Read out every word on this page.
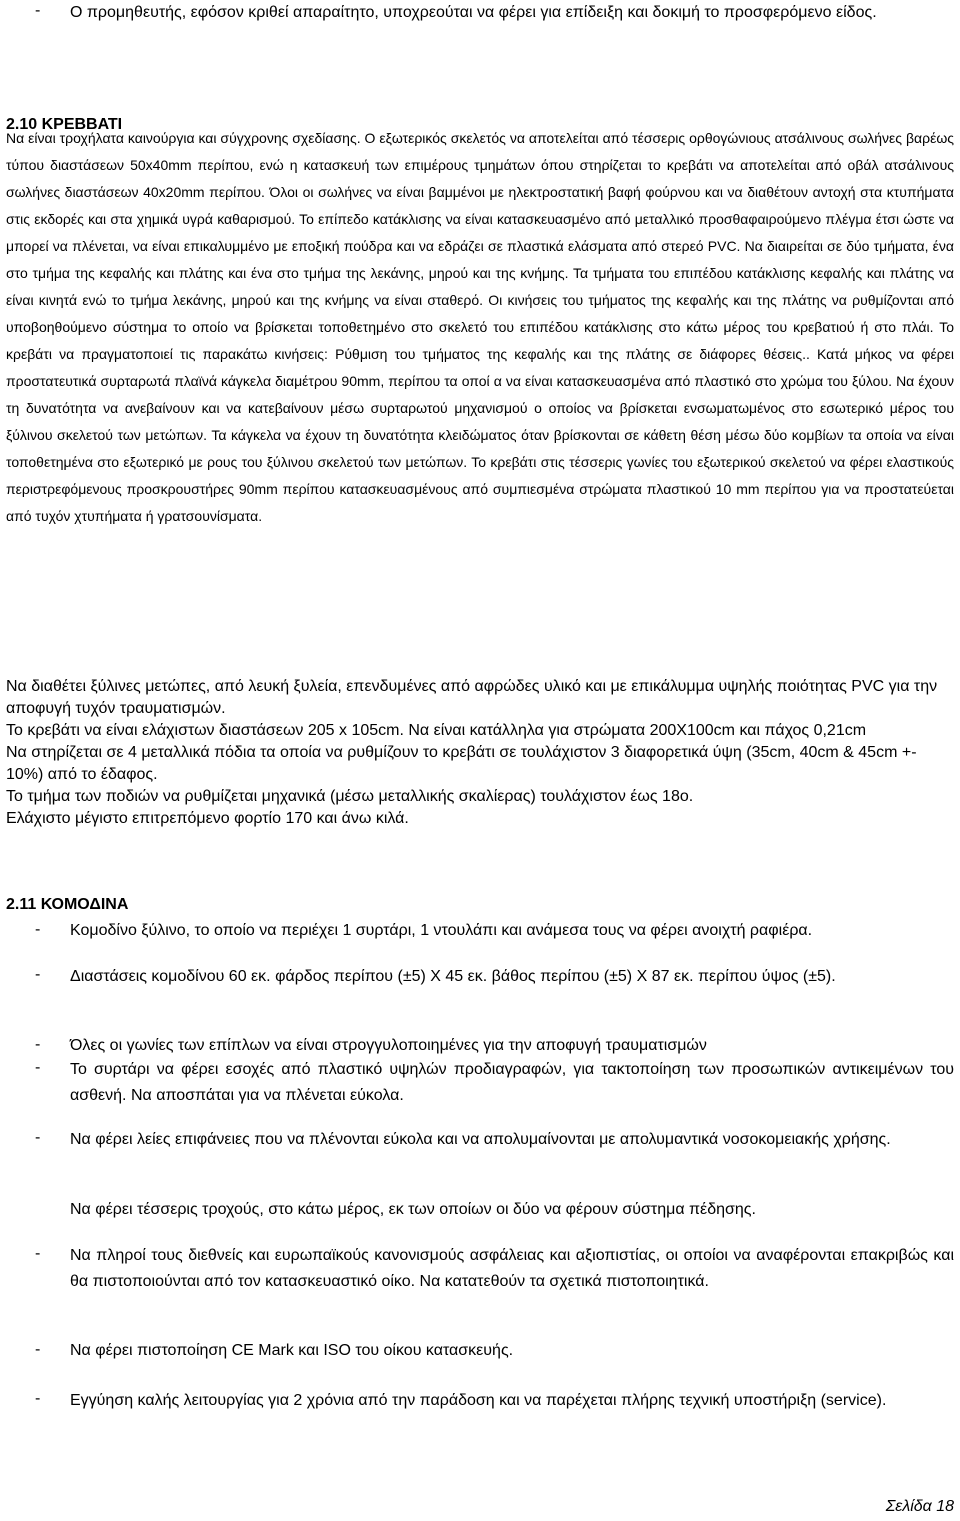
- Ο προμηθευτής, εφόσον κριθεί απαραίτητο, υποχρεούται να φέρει για επίδειξη και δοκιμή το προσφερόμενο είδος.
2.10 ΚΡΕΒΒΑΤΙ
Να είναι τροχήλατα καινούργια και σύγχρονης σχεδίασης. Ο εξωτερικός σκελετός να αποτελείται από τέσσερις ορθογώνιους ατσάλινους σωλήνες βαρέως τύπου διαστάσεων 50x40mm περίπου, ενώ η κατασκευή των επιμέρους τμημάτων όπου στηρίζεται το κρεβάτι να αποτελείται από οβάλ ατσάλινους σωλήνες διαστάσεων 40x20mm περίπου. Όλοι οι σωλήνες να είναι βαμμένοι με ηλεκτροστατική βαφή φούρνου και να διαθέτουν αντοχή στα κτυπήματα στις εκδορές και στα χημικά υγρά καθαρισμού. Το επίπεδο κατάκλισης να είναι κατασκευασμένο από μεταλλικό προσθαφαιρούμενο πλέγμα έτσι ώστε να μπορεί να πλένεται, να είναι επικαλυμμένο με εποξική πούδρα και να εδράζει σε πλαστικά ελάσματα από στερεό PVC. Να διαιρείται σε δύο τμήματα, ένα στο τμήμα της κεφαλής και πλάτης και ένα στο τμήμα της λεκάνης, μηρού και της κνήμης. Τα τμήματα του επιπέδου κατάκλισης κεφαλής και πλάτης να είναι κινητά ενώ το τμήμα λεκάνης, μηρού και της κνήμης να είναι σταθερό. Οι κινήσεις του τμήματος της κεφαλής και της πλάτης να ρυθμίζονται από υποβοηθούμενο σύστημα το οποίο να βρίσκεται τοποθετημένο στο σκελετό του επιπέδου κατάκλισης στο κάτω μέρος του κρεβατιού ή στο πλάι. Το κρεβάτι να πραγματοποιεί τις παρακάτω κινήσεις: Ρύθμιση του τμήματος της κεφαλής και της πλάτης σε διάφορες θέσεις.. Κατά μήκος να φέρει προστατευτικά συρταρωτά πλαϊνά κάγκελα διαμέτρου 90mm, περίπου τα οποί α να είναι κατασκευασμένα από πλαστικό στο χρώμα του ξύλου. Να έχουν τη δυνατότητα να ανεβαίνουν και να κατεβαίνουν μέσω συρταρωτού μηχανισμού ο οποίος να βρίσκεται ενσωματωμένος στο εσωτερικό μέρος του ξύλινου σκελετού των μετώπων. Τα κάγκελα να έχουν τη δυνατότητα κλειδώματος όταν βρίσκονται σε κάθετη θέση μέσω δύο κομβίων τα οποία να είναι τοποθετημένα στο εξωτερικό με ρους του ξύλινου σκελετού των μετώπων. Το κρεβάτι στις τέσσερις γωνίες του εξωτερικού σκελετού να φέρει ελαστικούς περιστρεφόμενους προσκρουστήρες 90mm περίπου κατασκευασμένους από συμπιεσμένα στρώματα πλαστικού 10 mm περίπου για να προστατεύεται από τυχόν χτυπήματα ή γρατσουνίσματα.
Να διαθέτει ξύλινες μετώπες, από λευκή ξυλεία, επενδυμένες από αφρώδες υλικό και με επικάλυμμα υψηλής ποιότητας PVC για την αποφυγή τυχόν τραυματισμών.
Το κρεβάτι να είναι ελάχιστων διαστάσεων 205 x 105cm. Να είναι κατάλληλα για στρώματα 200Χ100cm και πάχος 0,21cm
Να στηρίζεται σε 4 μεταλλικά πόδια τα οποία να ρυθμίζουν το κρεβάτι σε τουλάχιστον 3 διαφορετικά ύψη (35cm, 40cm & 45cm +- 10%) από το έδαφος.
Το τμήμα των ποδιών να ρυθμίζεται μηχανικά (μέσω μεταλλικής σκαλίερας) τουλάχιστον έως 18ο.
Ελάχιστο μέγιστο επιτρεπόμενο φορτίο 170 και άνω κιλά.
2.11 ΚΟΜΟΔΙΝΑ
- Κομοδίνο ξύλινο, το οποίο να περιέχει 1 συρτάρι, 1 ντουλάπι και ανάμεσα τους να φέρει ανοιχτή ραφιέρα.
- Διαστάσεις κομοδίνου 60 εκ. φάρδος περίπου (±5) Χ 45 εκ. βάθος περίπου (±5) Χ 87 εκ. περίπου ύψος (±5).
- Όλες οι γωνίες των επίπλων να είναι στρογγυλοποιημένες για την αποφυγή τραυματισμών
- Το συρτάρι να φέρει εσοχές από πλαστικό υψηλών προδιαγραφών, για τακτοποίηση των προσωπικών αντικειμένων του ασθενή. Να αποσπάται για να πλένεται εύκολα.
- Να φέρει λείες επιφάνειες που να πλένονται εύκολα και να απολυμαίνονται με απολυμαντικά νοσοκομειακής χρήσης.
Να φέρει τέσσερις τροχούς, στο κάτω μέρος, εκ των οποίων οι δύο να φέρουν σύστημα πέδησης.
- Να πληροί τους διεθνείς και ευρωπαϊκούς κανονισμούς ασφάλειας και αξιοπιστίας, οι οποίοι να αναφέρονται επακριβώς και θα πιστοποιούνται από τον κατασκευαστικό οίκο. Να κατατεθούν τα σχετικά πιστοποιητικά.
- Να φέρει πιστοποίηση CE Mark και ISO του οίκου κατασκευής.
- Εγγύηση καλής λειτουργίας για 2 χρόνια από την παράδοση και να παρέχεται πλήρης τεχνική υποστήριξη (service).
Σελίδα 18
